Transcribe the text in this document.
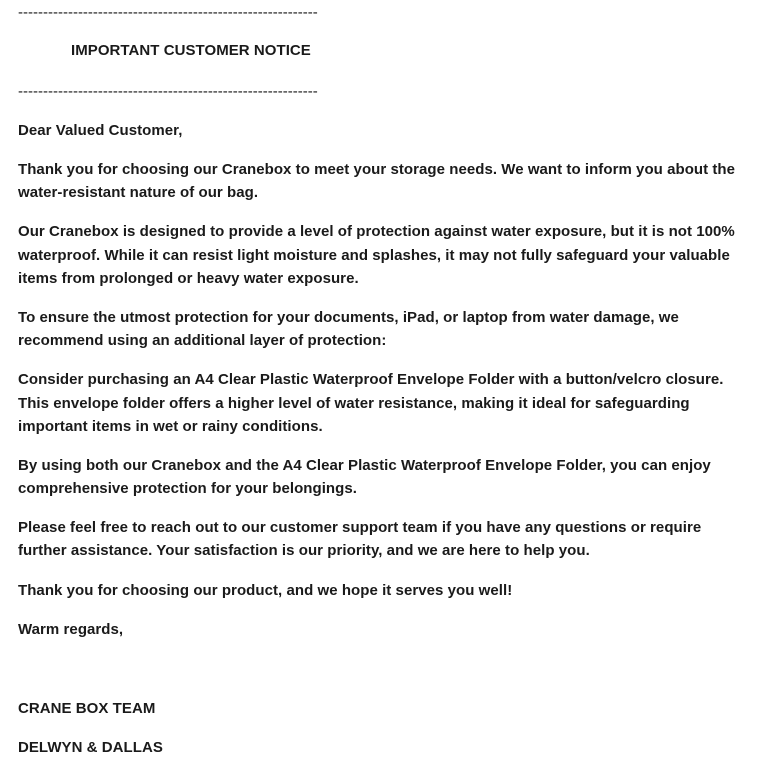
------------------------------------------------------------
IMPORTANT CUSTOMER NOTICE
------------------------------------------------------------
Dear Valued Customer,
Thank you for choosing our Cranebox to meet your storage needs. We want to inform you about the
water-resistant nature of our bag.
Our Cranebox is designed to provide a level of protection against water exposure, but it is not 100%
waterproof. While it can resist light moisture and splashes, it may not fully safeguard your valuable
items from prolonged or heavy water exposure.
To ensure the utmost protection for your documents, iPad, or laptop from water damage, we
recommend using an additional layer of protection:
Consider purchasing an A4 Clear Plastic Waterproof Envelope Folder with a button/velcro closure.
This envelope folder offers a higher level of water resistance, making it ideal for safeguarding
important items in wet or rainy conditions.
By using both our Cranebox and the A4 Clear Plastic Waterproof Envelope Folder, you can enjoy
comprehensive protection for your belongings.
Please feel free to reach out to our customer support team if you have any questions or require
further assistance. Your satisfaction is our priority, and we are here to help you.
Thank you for choosing our product, and we hope it serves you well!
Warm regards,
CRANE BOX TEAM
DELWYN & DALLAS
